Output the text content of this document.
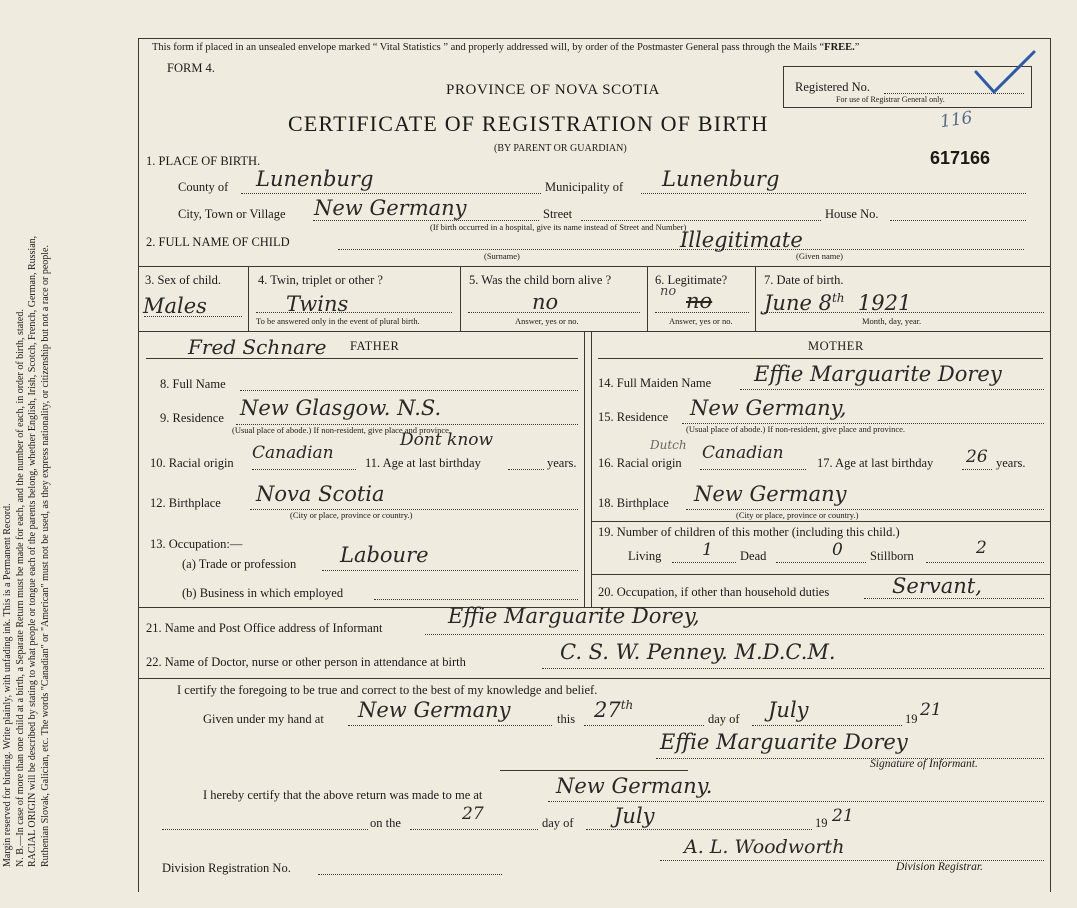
Margin reserved for binding. Write plainly, with unfading ink. This is a Permanent Record. N. B.—In case of more than one child at a birth, a Separate Return must be made for each, and the number of each, in order of birth, stated. RACIAL ORIGIN will be described by stating to what people or tongue each of the parents belong, whether English, Irish, Scotch, French, German, Russian, Ruthenian Slovak, Galician, etc. The words "Canadian" or "American" must not be used, as they express nationality, or citizenship but not a race or people.
This form if placed in an unsealed envelope marked “ Vital Statistics ” and properly addressed will, by order of the Postmaster General pass through the Mails “FREE.”
FORM 4.
PROVINCE OF NOVA SCOTIA
CERTIFICATE OF REGISTRATION OF BIRTH
(BY PARENT OR GUARDIAN)
Registered No.
For use of Registrar General only.
116
617166
1. PLACE OF BIRTH.
County of Lunenburg	Municipality of Lunenburg
City, Town or Village New Germany	Street	House No.
(If birth occurred in a hospital, give its name instead of Street and Number)
2. FULL NAME OF CHILD	Illegitimate
(Surname)	(Given name)
3. Sex of child.
Males
4. Twin, triplet or other ?
Twins
To be answered only in the event of plural birth.
5. Was the child born alive ?
no
Answer, yes or no.
6. Legitimate?
no no
Answer, yes or no.
7. Date of birth.
June 8th 1921
Month, day, year.
Fred Schnare FATHER	MOTHER
8. Full Name
9. Residence New Glasgow. N.S.
(Usual place of abode.) If non-resident, give place and province.
10. Racial origin Canadian	11. Age at last birthday
Dont know
years.
12. Birthplace Nova Scotia
(City or place, province or country.)
13. Occupation:—
(a) Trade or profession Laboure
(b) Business in which employed
14. Full Maiden Name Effie Marguarite Dorey
15. Residence New Germany,
(Usual place of abode.) If non-resident, give place and province.
16. Racial origin Canadian
Dutch
17. Age at last birthday 26 years.
18. Birthplace New Germany
(City or place, province or country.)
19. Number of children of this mother (including this child.)
Living 1 Dead	0 Stillborn	2
20. Occupation, if other than household duties	Servant,
21. Name and Post Office address of Informant	Effie Marguarite Dorey,
22. Name of Doctor, nurse or other person in attendance at birth	C. S. W. Penney. M.D.C.M.
I certify the foregoing to be true and correct to the best of my knowledge and belief.
Given under my hand at New Germany	this 27th
day of July	19 21
Effie Marguarite Dorey
Signature of Informant.
I hereby certify that the above return was made to me at	New Germany.
on the	27	day of July	19 21
Division Registration No.
A. L. Woodworth
Division Registrar.
